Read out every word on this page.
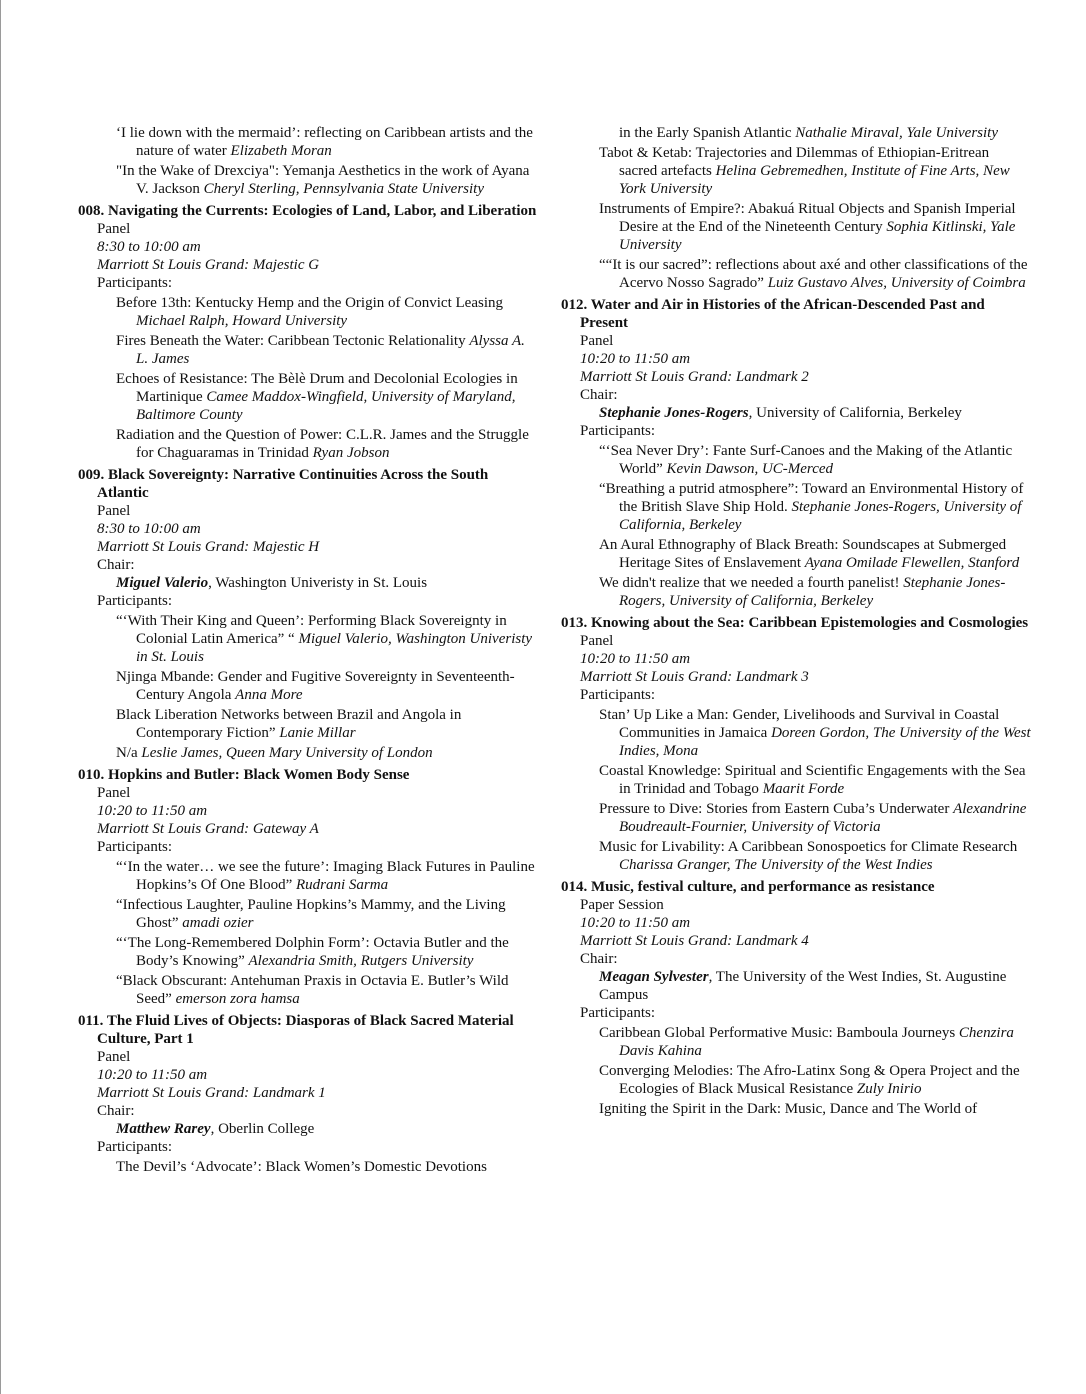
‘I lie down with the mermaid’: reflecting on Caribbean artists and the nature of water Elizabeth Moran
"In the Wake of Drexciya": Yemanja Aesthetics in the work of Ayana V. Jackson Cheryl Sterling, Pennsylvania State University
008. Navigating the Currents: Ecologies of Land, Labor, and Liberation
Panel
8:30 to 10:00 am
Marriott St Louis Grand: Majestic G
Participants:
Before 13th: Kentucky Hemp and the Origin of Convict Leasing Michael Ralph, Howard University
Fires Beneath the Water: Caribbean Tectonic Relationality Alyssa A. L. James
Echoes of Resistance: The Bèlè Drum and Decolonial Ecologies in Martinique Camee Maddox-Wingfield, University of Maryland, Baltimore County
Radiation and the Question of Power: C.L.R. James and the Struggle for Chaguaramas in Trinidad Ryan Jobson
009. Black Sovereignty: Narrative Continuities Across the South Atlantic
Panel
8:30 to 10:00 am
Marriott St Louis Grand: Majestic H
Chair:
Miguel Valerio, Washington Univeristy in St. Louis
Participants:
“‘With Their King and Queen’: Performing Black Sovereignty in Colonial Latin America” “ Miguel Valerio, Washington Univeristy in St. Louis
Njinga Mbande: Gender and Fugitive Sovereignty in Seventeenth-Century Angola Anna More
Black Liberation Networks between Brazil and Angola in Contemporary Fiction” Lanie Millar
N/a Leslie James, Queen Mary University of London
010. Hopkins and Butler: Black Women Body Sense
Panel
10:20 to 11:50 am
Marriott St Louis Grand: Gateway A
Participants:
“‘In the water… we see the future’: Imaging Black Futures in Pauline Hopkins’s Of One Blood” Rudrani Sarma
“Infectious Laughter, Pauline Hopkins’s Mammy, and the Living Ghost” amadi ozier
“‘The Long-Remembered Dolphin Form’: Octavia Butler and the Body’s Knowing” Alexandria Smith, Rutgers University
“Black Obscurant: Antehuman Praxis in Octavia E. Butler’s Wild Seed” emerson zora hamsa
011. The Fluid Lives of Objects: Diasporas of Black Sacred Material Culture, Part 1
Panel
10:20 to 11:50 am
Marriott St Louis Grand: Landmark 1
Chair:
Matthew Rarey, Oberlin College
Participants:
The Devil’s ‘Advocate’: Black Women’s Domestic Devotions
in the Early Spanish Atlantic Nathalie Miraval, Yale University
Tabot & Ketab: Trajectories and Dilemmas of Ethiopian-Eritrean sacred artefacts Helina Gebremedhen, Institute of Fine Arts, New York University
Instruments of Empire?: Abakuá Ritual Objects and Spanish Imperial Desire at the End of the Nineteenth Century Sophia Kitlinski, Yale University
““It is our sacred”: reflections about axé and other classifications of the Acervo Nosso Sagrado” Luiz Gustavo Alves, University of Coimbra
012. Water and Air in Histories of the African-Descended Past and Present
Panel
10:20 to 11:50 am
Marriott St Louis Grand: Landmark 2
Chair:
Stephanie Jones-Rogers, University of California, Berkeley
Participants:
“‘Sea Never Dry’: Fante Surf-Canoes and the Making of the Atlantic World” Kevin Dawson, UC-Merced
“Breathing a putrid atmosphere”: Toward an Environmental History of the British Slave Ship Hold. Stephanie Jones-Rogers, University of California, Berkeley
An Aural Ethnography of Black Breath: Soundscapes at Submerged Heritage Sites of Enslavement Ayana Omilade Flewellen, Stanford
We didn't realize that we needed a fourth panelist! Stephanie Jones-Rogers, University of California, Berkeley
013. Knowing about the Sea: Caribbean Epistemologies and Cosmologies
Panel
10:20 to 11:50 am
Marriott St Louis Grand: Landmark 3
Participants:
Stan’ Up Like a Man: Gender, Livelihoods and Survival in Coastal Communities in Jamaica Doreen Gordon, The University of the West Indies, Mona
Coastal Knowledge: Spiritual and Scientific Engagements with the Sea in Trinidad and Tobago Maarit Forde
Pressure to Dive: Stories from Eastern Cuba’s Underwater Alexandrine Boudreault-Fournier, University of Victoria
Music for Livability: A Caribbean Sonospoetics for Climate Research Charissa Granger, The University of the West Indies
014. Music, festival culture, and performance as resistance
Paper Session
10:20 to 11:50 am
Marriott St Louis Grand: Landmark 4
Chair:
Meagan Sylvester, The University of the West Indies, St. Augustine Campus
Participants:
Caribbean Global Performative Music: Bamboula Journeys Chenzira Davis Kahina
Converging Melodies: The Afro-Latinx Song & Opera Project and the Ecologies of Black Musical Resistance Zuly Inirio
Igniting the Spirit in the Dark: Music, Dance and The World of
